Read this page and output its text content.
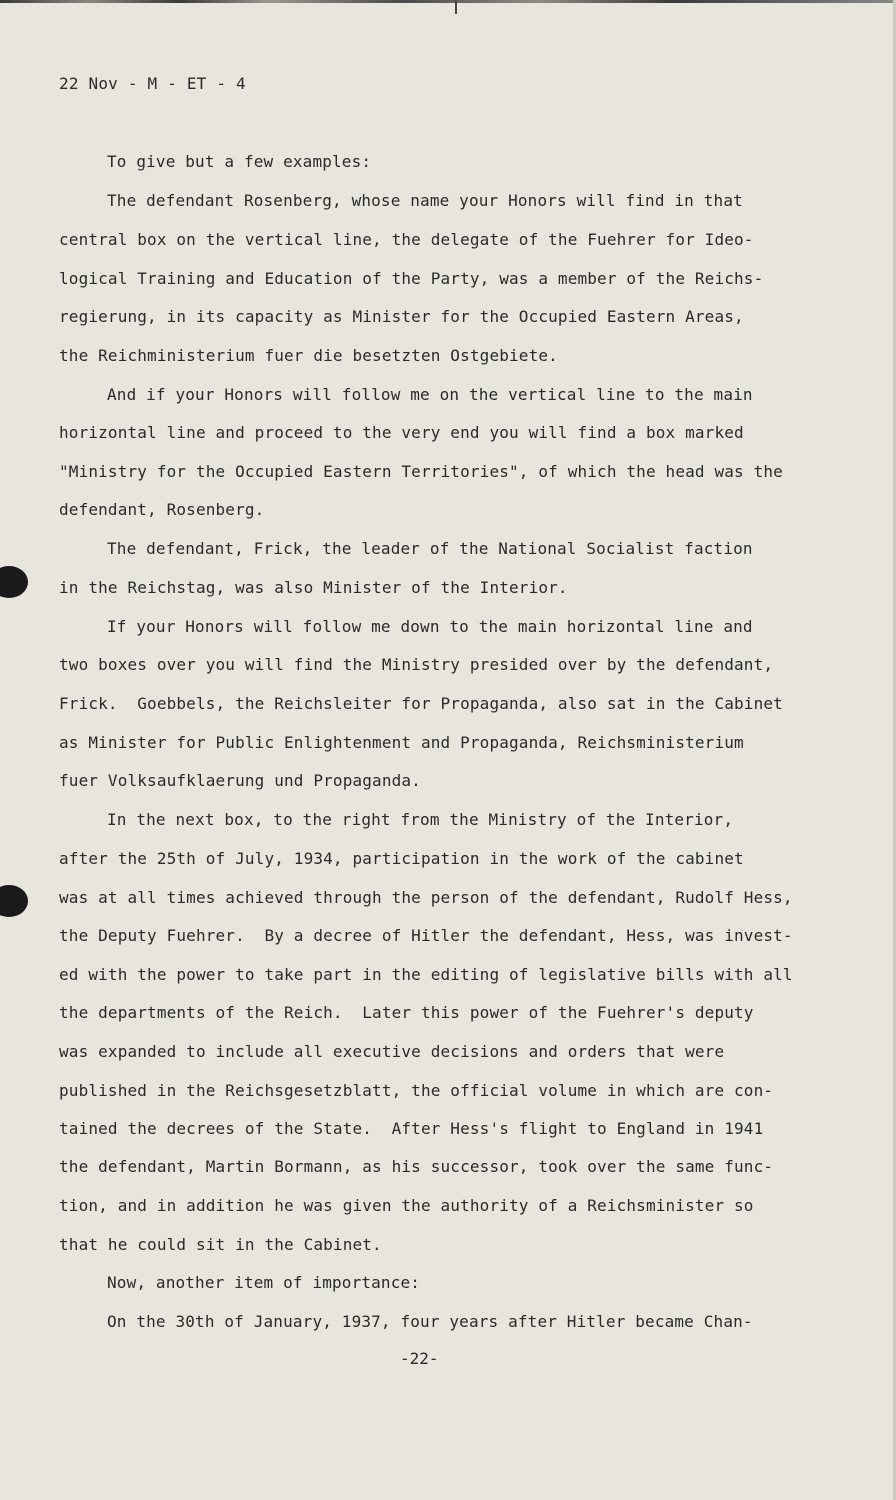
22 Nov - M - ET - 4
To give but a few examples:
The defendant Rosenberg, whose name your Honors will find in that
central box on the vertical line, the delegate of the Fuehrer for Ideo-
logical Training and Education of the Party, was a member of the Reichs-
regierung, in its capacity as Minister for the Occupied Eastern Areas,
the Reichministerium fuer die besetzten Ostgebiete.
And if your Honors will follow me on the vertical line to the main
horizontal line and proceed to the very end you will find a box marked
"Ministry for the Occupied Eastern Territories", of which the head was the
defendant, Rosenberg.
The defendant, Frick, the leader of the National Socialist faction
in the Reichstag, was also Minister of the Interior.
If your Honors will follow me down to the main horizontal line and
two boxes over you will find the Ministry presided over by the defendant,
Frick.  Goebbels, the Reichsleiter for Propaganda, also sat in the Cabinet
as Minister for Public Enlightenment and Propaganda, Reichsministerium
fuer Volksaufklaerung und Propaganda.
In the next box, to the right from the Ministry of the Interior,
after the 25th of July, 1934, participation in the work of the cabinet
was at all times achieved through the person of the defendant, Rudolf Hess,
the Deputy Fuehrer.  By a decree of Hitler the defendant, Hess, was invest-
ed with the power to take part in the editing of legislative bills with all
the departments of the Reich.  Later this power of the Fuehrer's deputy
was expanded to include all executive decisions and orders that were
published in the Reichsgesetzblatt, the official volume in which are con-
tained the decrees of the State.  After Hess's flight to England in 1941
the defendant, Martin Bormann, as his successor, took over the same func-
tion, and in addition he was given the authority of a Reichsminister so
that he could sit in the Cabinet.
Now, another item of importance:
On the 30th of January, 1937, four years after Hitler became Chan-
-22-
